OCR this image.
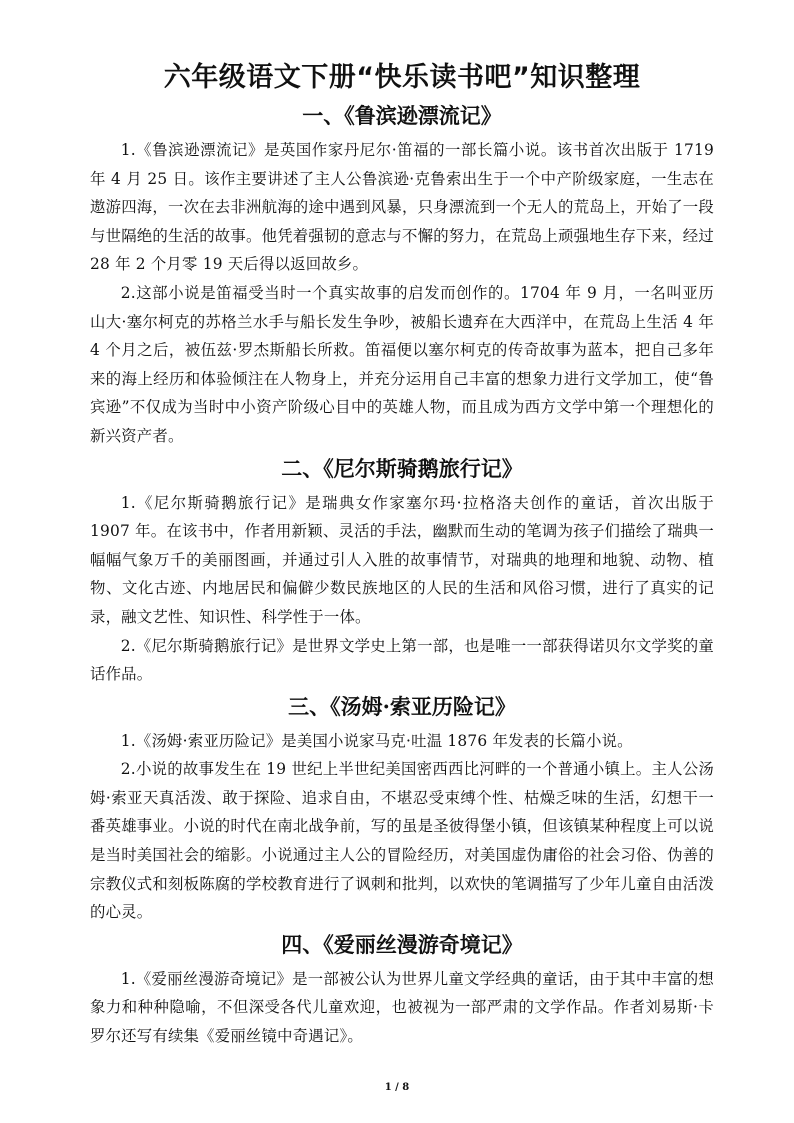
六年级语文下册“快乐读书吧”知识整理
一、《鲁滨逊漂流记》

1.《鲁滨逊漂流记》是英国作家丹尼尔·笛福的一部长篇小说。该书首次出版于 1719 年 4 月 25 日。该作主要讲述了主人公鲁滨逊·克鲁索出生于一个中产阶级家庭，一生志在遨游四海，一次在去非洲航海的途中遇到风暴，只身漂流到一个无人的荒岛上，开始了一段与世隔绝的生活的故事。他凭着强韧的意志与不懈的努力，在荒岛上顽强地生存下来，经过 28 年 2 个月零 19 天后得以返回故乡。

2.这部小说是笛福受当时一个真实故事的启发而创作的。1704 年 9 月，一名叫亚历山大·塞尔柯克的苏格兰水手与船长发生争吵，被船长遗弃在大西洋中，在荒岛上生活 4 年 4 个月之后，被伍兹·罗杰斯船长所救。笛福便以塞尔柯克的传奇故事为蓝本，把自己多年来的海上经历和体验倾注在人物身上，并充分运用自己丰富的想象力进行文学加工，使“鲁宾逊”不仅成为当时中小资产阶级心目中的英雄人物，而且成为西方文学中第一个理想化的新兴资产者。

二、《尼尔斯骑鹅旅行记》

1.《尼尔斯骑鹅旅行记》是瑞典女作家塞尔玛·拉格洛夫创作的童话，首次出版于 1907 年。在该书中，作者用新颖、灵活的手法，幽默而生动的笔调为孩子们描绘了瑞典一幅幅气象万千的美丽图画，并通过引人入胜的故事情节，对瑞典的地理和地貌、动物、植物、文化古迹、内地居民和偏僻少数民族地区的人民的生活和风俗习惯，进行了真实的记录，融文艺性、知识性、科学性于一体。

2.《尼尔斯骑鹅旅行记》是世界文学史上第一部，也是唯一一部获得诺贝尔文学奖的童话作品。

三、《汤姆·索亚历险记》

1.《汤姆·索亚历险记》是美国小说家马克·吐温 1876 年发表的长篇小说。

2.小说的故事发生在 19 世纪上半世纪美国密西西比河畔的一个普通小镇上。主人公汤姆·索亚天真活泼、敢于探险、追求自由，不堪忍受束缚个性、枯燥乏味的生活，幻想干一番英雄事业。小说的时代在南北战争前，写的虽是圣彼得堡小镇，但该镇某种程度上可以说是当时美国社会的缩影。小说通过主人公的冒险经历，对美国虚伪庸俗的社会习俗、伪善的宗教仪式和刻板陈腐的学校教育进行了讽刺和批判，以欢快的笔调描写了少年儿童自由活泼的心灵。

四、《爱丽丝漫游奇境记》

1.《爱丽丝漫游奇境记》是一部被公认为世界儿童文学经典的童话，由于其中丰富的想象力和种种隐喻，不但深受各代儿童欢迎，也被视为一部严肃的文学作品。作者刘易斯·卡罗尔还写有续集《爱丽丝镜中奇遇记》。

1 / 8
